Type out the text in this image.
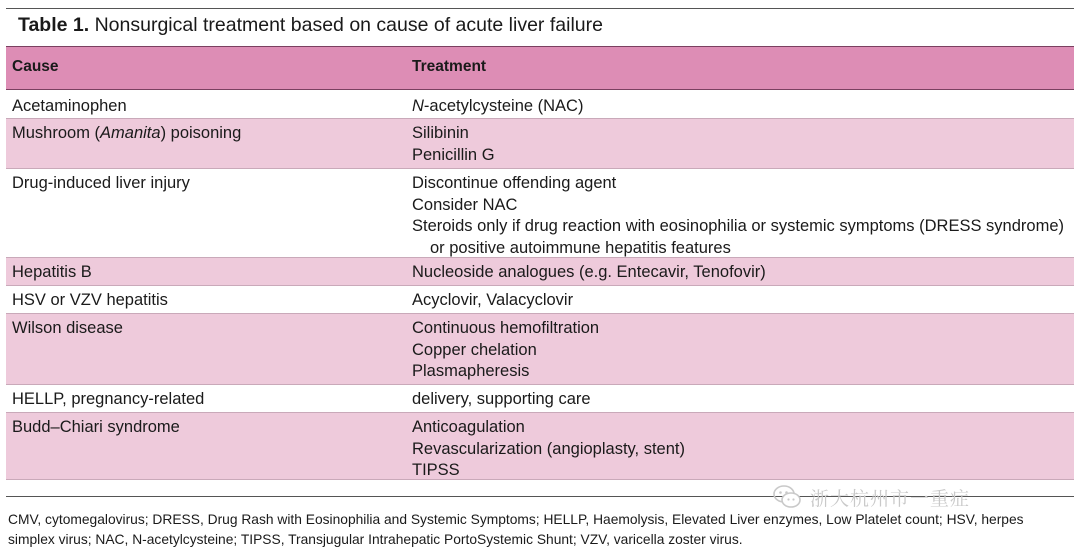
Table 1. Nonsurgical treatment based on cause of acute liver failure
Cause	Treatment
Acetaminophen	N-acetylcysteine (NAC)
Mushroom (Amanita) poisoning	Silibinin
Penicillin G
Drug-induced liver injury	Discontinue offending agent
Consider NAC
Steroids only if drug reaction with eosinophilia or systemic symptoms (DRESS syndrome)
or positive autoimmune hepatitis features
Hepatitis B	Nucleoside analogues (e.g. Entecavir, Tenofovir)
HSV or VZV hepatitis	Acyclovir, Valacyclovir
Wilson disease	Continuous hemofiltration
Copper chelation
Plasmapheresis
HELLP, pregnancy-related	delivery, supporting care
Budd–Chiari syndrome	Anticoagulation
Revascularization (angioplasty, stent)
TIPSS
浙大杭州市一重症
CMV, cytomegalovirus; DRESS, Drug Rash with Eosinophilia and Systemic Symptoms; HELLP, Haemolysis, Elevated Liver enzymes, Low Platelet count; HSV, herpes
simplex virus; NAC, N-acetylcysteine; TIPSS, Transjugular Intrahepatic PortoSystemic Shunt; VZV, varicella zoster virus.
